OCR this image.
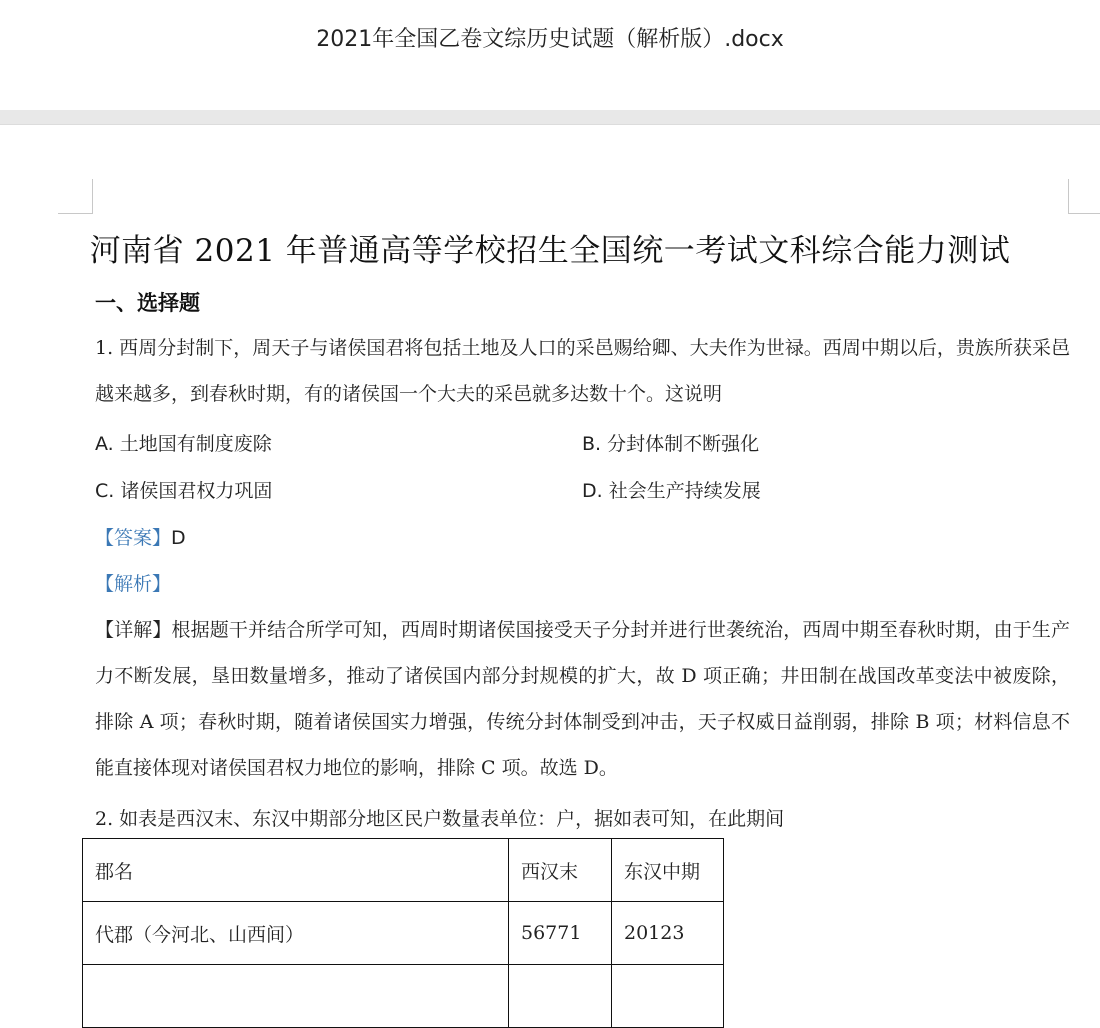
2021年全国乙卷文综历史试题（解析版）.docx
河南省 2021 年普通高等学校招生全国统一考试文科综合能力测试
一、选择题
1. 西周分封制下，周天子与诸侯国君将包括土地及人口的采邑赐给卿、大夫作为世禄。西周中期以后，贵族所获采邑越来越多，到春秋时期，有的诸侯国一个大夫的采邑就多达数十个。这说明
A. 土地国有制度废除	B. 分封体制不断强化
C. 诸侯国君权力巩固	D. 社会生产持续发展
【答案】D
【解析】
【详解】根据题干并结合所学可知，西周时期诸侯国接受天子分封并进行世袭统治，西周中期至春秋时期，由于生产力不断发展，垦田数量增多，推动了诸侯国内部分封规模的扩大，故 D 项正确；井田制在战国改革变法中被废除，排除 A 项；春秋时期，随着诸侯国实力增强，传统分封体制受到冲击，天子权威日益削弱，排除 B 项；材料信息不能直接体现对诸侯国君权力地位的影响，排除 C 项。故选 D。
2. 如表是西汉末、东汉中期部分地区民户数量表单位：户，据如表可知，在此期间
郡名	西汉末	东汉中期
代郡（今河北、山西间）	56771	20123
